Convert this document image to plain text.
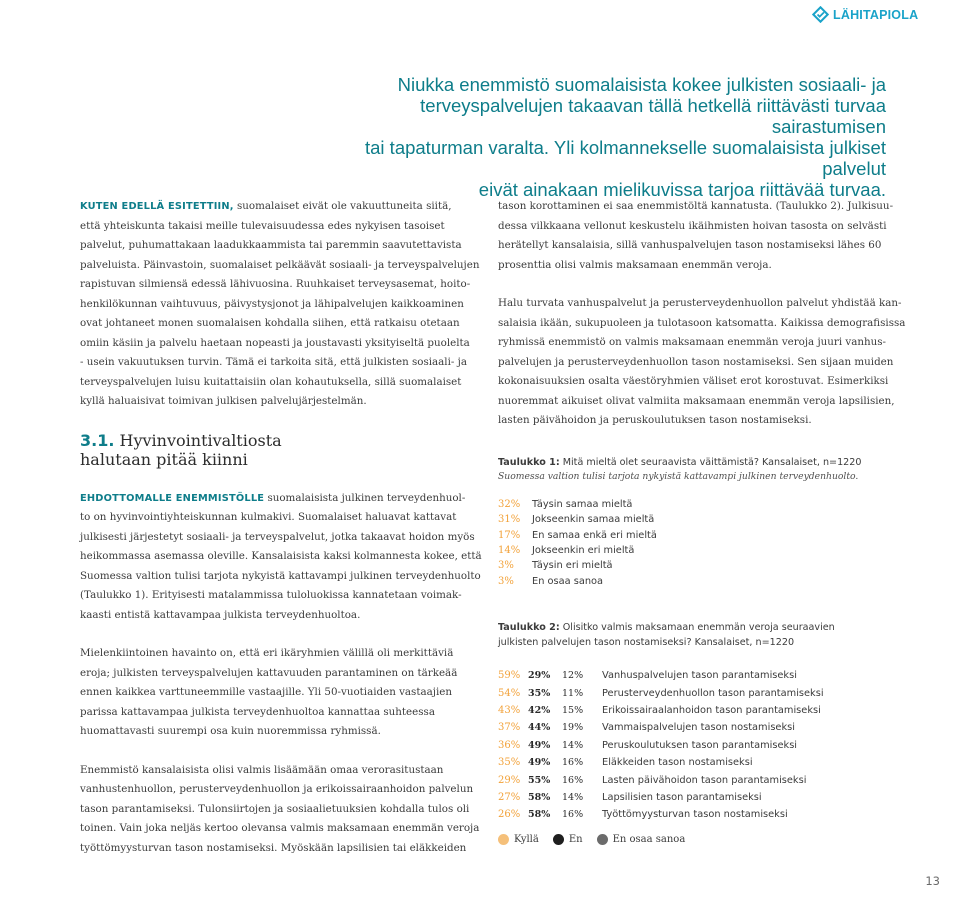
LÄHITAPIOLA
Niukka enemmistö suomalaisista kokee julkisten sosiaali- ja
terveyspalvelujen takaavan tällä hetkellä riittävästi turvaa sairastumisen
tai tapaturman varalta. Yli kolmannekselle suomalaisista julkiset palvelut
eivät ainakaan mielikuvissa tarjoa riittävää turvaa.

KUTEN EDELLÄ ESITETTIIN, suomalaiset eivät ole vakuuttuneita siitä,
että yhteiskunta takaisi meille tulevaisuudessa edes nykyisen tasoiset
palvelut, puhumattakaan laadukkaammista tai paremmin saavutettavista
palveluista. Päinvastoin, suomalaiset pelkäävät sosiaali- ja terveyspalvelujen
rapistuvan silmiensä edessä lähivuosina. Ruuhkaiset terveysasemat, hoito-
henkilökunnan vaihtuvuus, päivystysjonot ja lähipalvelujen kaikkoaminen
ovat johtaneet monen suomalaisen kohdalla siihen, että ratkaisu otetaan
omiin käsiin ja palvelu haetaan nopeasti ja joustavasti yksityiseltä puolelta
- usein vakuutuksen turvin. Tämä ei tarkoita sitä, että julkisten sosiaali- ja
terveyspalvelujen luisu kuitattaisiin olan kohautuksella, sillä suomalaiset
kyllä haluaisivat toimivan julkisen palvelujärjestelmän.

3.1. Hyvinvointivaltiosta
halutaan pitää kiinni

EHDOTTOMALLE ENEMMISTÖLLE suomalaisista julkinen terveydenhuol-
to on hyvinvointiyhteiskunnan kulmakivi. Suomalaiset haluavat kattavat
julkisesti järjestetyt sosiaali- ja terveyspalvelut, jotka takaavat hoidon myös
heikommassa asemassa oleville. Kansalaisista kaksi kolmannesta kokee, että
Suomessa valtion tulisi tarjota nykyistä kattavampi julkinen terveydenhuolto
(Taulukko 1). Erityisesti matalammissa tuloluokissa kannatetaan voimak-
kaasti entistä kattavampaa julkista terveydenhuoltoa.

Mielenkiintoinen havainto on, että eri ikäryhmien välillä oli merkittäviä
eroja; julkisten terveyspalvelujen kattavuuden parantaminen on tärkeää
ennen kaikkea varttuneemmille vastaajille. Yli 50-vuotiaiden vastaajien
parissa kattavampaa julkista terveydenhuoltoa kannattaa suhteessa
huomattavasti suurempi osa kuin nuoremmissa ryhmissä.

Enemmistö kansalaisista olisi valmis lisäämään omaa verorasitustaan
vanhustenhuollon, perusterveydenhuollon ja erikoissairaanhoidon palvelun
tason parantamiseksi. Tulonsiirtojen ja sosiaalietuuksien kohdalla tulos oli
toinen. Vain joka neljäs kertoo olevansa valmis maksamaan enemmän veroja
työttömyysturvan tason nostamiseksi. Myöskään lapsilisien tai eläkkeiden

tason korottaminen ei saa enemmistöltä kannatusta. (Taulukko 2). Julkisuu-
dessa vilkkaana vellonut keskustelu ikäihmisten hoivan tasosta on selvästi
herätellyt kansalaisia, sillä vanhuspalvelujen tason nostamiseksi lähes 60
prosenttia olisi valmis maksamaan enemmän veroja.

Halu turvata vanhuspalvelut ja perusterveydenhuollon palvelut yhdistää kan-
salaisia ikään, sukupuoleen ja tulotasoon katsomatta. Kaikissa demografisissa
ryhmissä enemmistö on valmis maksamaan enemmän veroja juuri vanhus-
palvelujen ja perusterveydenhuollon tason nostamiseksi. Sen sijaan muiden
kokonaisuuksien osalta väestöryhmien väliset erot korostuvat. Esimerkiksi
nuoremmat aikuiset olivat valmiita maksamaan enemmän veroja lapsilisien,
lasten päivähoidon ja peruskoulutuksen tason nostamiseksi.

Taulukko 1: Mitä mieltä olet seuraavista väittämistä? Kansalaiset, n=1220
Suomessa valtion tulisi tarjota nykyistä kattavampi julkinen terveydenhuolto.
32%	Täysin samaa mieltä
31%	Jokseenkin samaa mieltä
17%	En samaa enkä eri mieltä
14%	Jokseenkin eri mieltä
3%	Täysin eri mieltä
3%	En osaa sanoa
Taulukko 2: Olisitko valmis maksamaan enemmän veroja seuraavien
julkisten palvelujen tason nostamiseksi? Kansalaiset, n=1220
59% 29%	12%	Vanhuspalvelujen tason parantamiseksi
54% 35%	11%	Perusterveydenhuollon tason parantamiseksi
43% 42%	15%	Erikoissairaalanhoidon tason parantamiseksi
37% 44%	19%	Vammaispalvelujen tason nostamiseksi
36% 49%	14%	Peruskoulutuksen tason parantamiseksi
35% 49%	16%	Eläkkeiden tason nostamiseksi
29% 55%	16%	Lasten päivähoidon tason parantamiseksi
27% 58%	14%	Lapsilisien tason parantamiseksi
26% 58%	16%	Työttömyysturvan tason nostamiseksi
Kyllä	En	En osaa sanoa
13
